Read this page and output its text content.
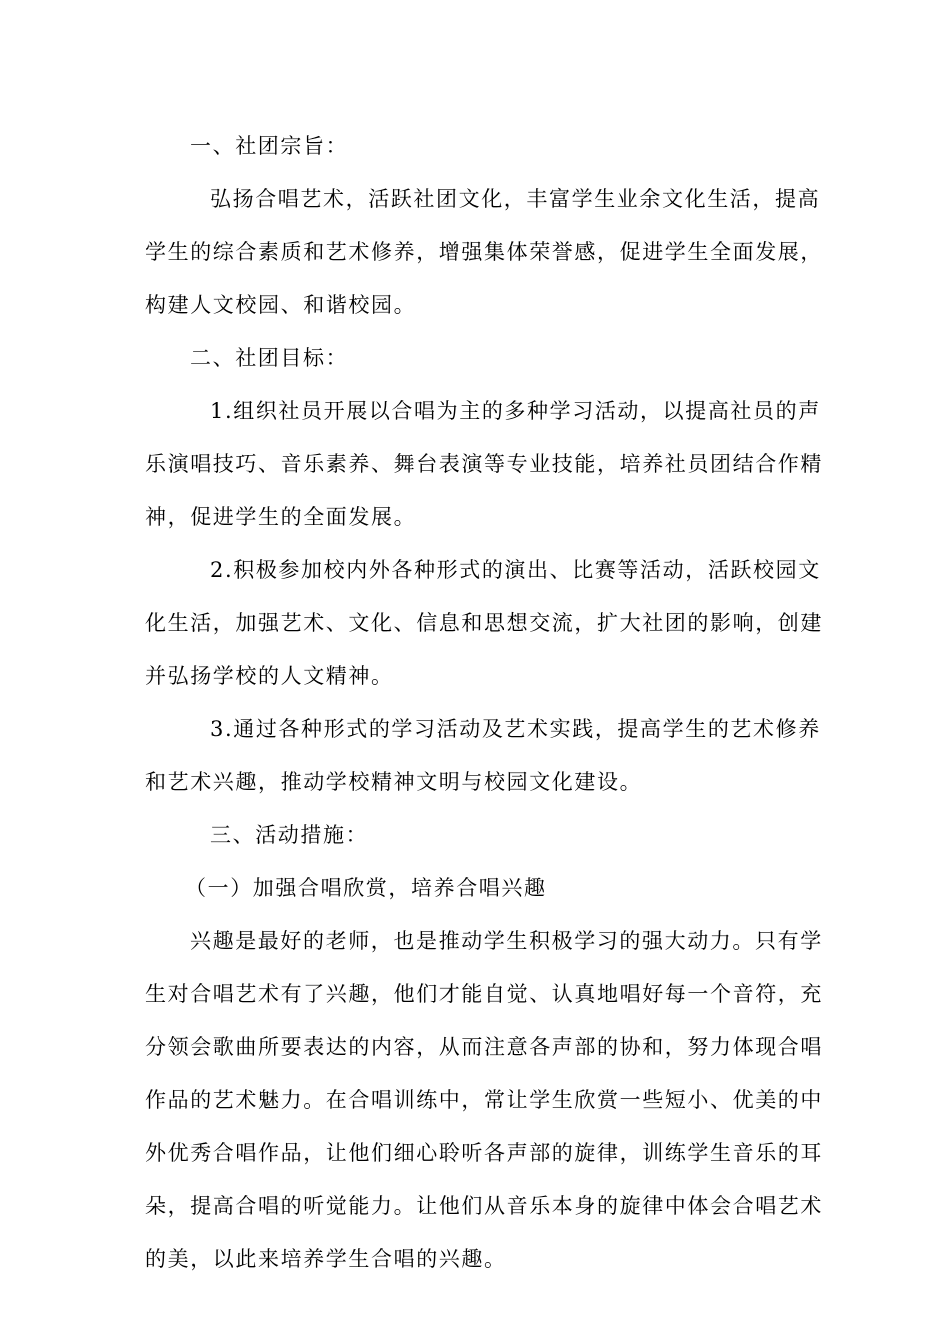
一、社团宗旨：
弘扬合唱艺术，活跃社团文化，丰富学生业余文化生活，提高
学生的综合素质和艺术修养，增强集体荣誉感，促进学生全面发展，
构建人文校园、和谐校园。
二、社团目标：
1.组织社员开展以合唱为主的多种学习活动，以提高社员的声
乐演唱技巧、音乐素养、舞台表演等专业技能，培养社员团结合作精
神，促进学生的全面发展。
2.积极参加校内外各种形式的演出、比赛等活动，活跃校园文
化生活，加强艺术、文化、信息和思想交流，扩大社团的影响，创建
并弘扬学校的人文精神。
3.通过各种形式的学习活动及艺术实践，提高学生的艺术修养
和艺术兴趣，推动学校精神文明与校园文化建设。
三、活动措施：
（一）加强合唱欣赏，培养合唱兴趣
兴趣是最好的老师，也是推动学生积极学习的强大动力。只有学
生对合唱艺术有了兴趣，他们才能自觉、认真地唱好每一个音符，充
分领会歌曲所要表达的内容，从而注意各声部的协和，努力体现合唱
作品的艺术魅力。在合唱训练中，常让学生欣赏一些短小、优美的中
外优秀合唱作品，让他们细心聆听各声部的旋律，训练学生音乐的耳
朵，提高合唱的听觉能力。让他们从音乐本身的旋律中体会合唱艺术
的美，以此来培养学生合唱的兴趣。
